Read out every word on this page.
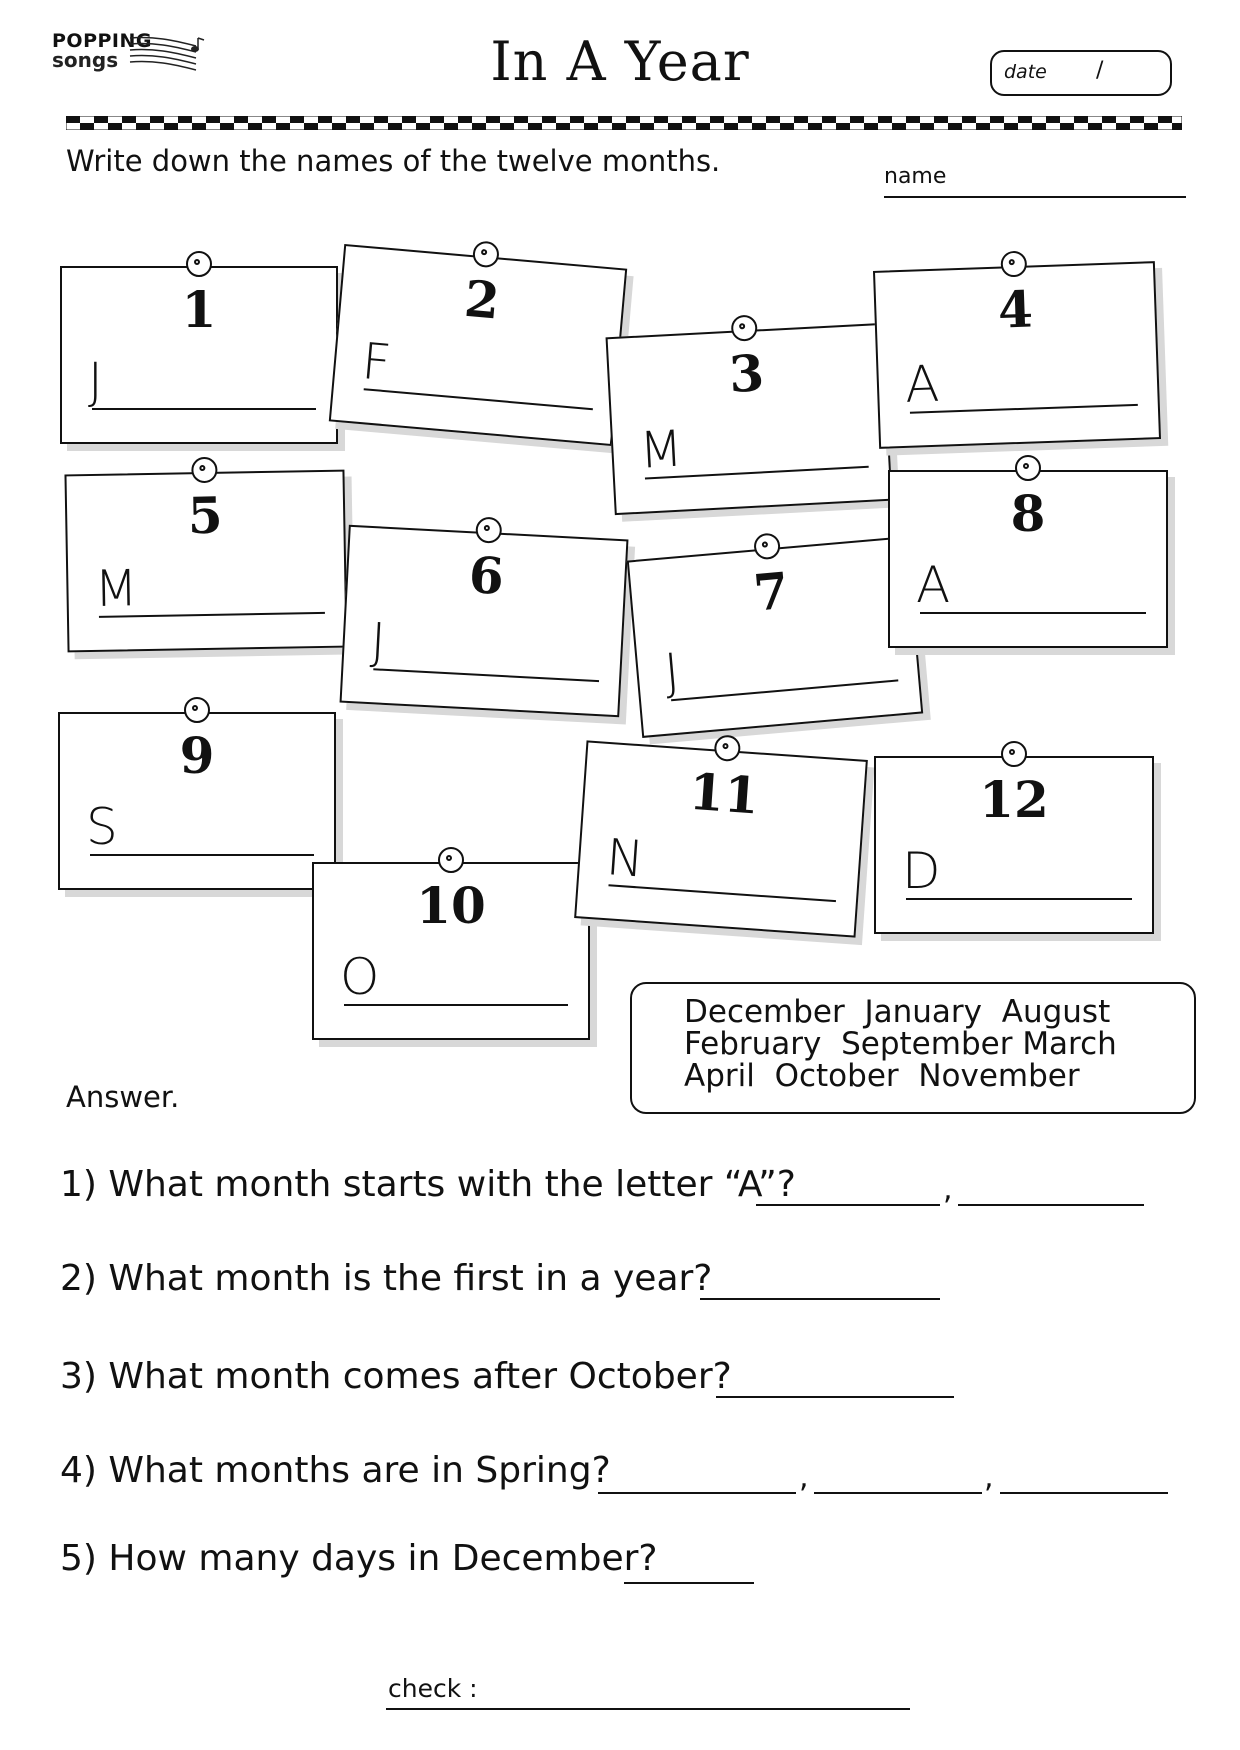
POPPING
songs	In A Year	date /
Write down the names of the twelve months.	name
1
J
2
F	3
M
4
A
5
M	6
J
7
J
8
A
9
S
10
O
11
N
12
D
December January August
February September March
April October November
Answer.
1) What month starts with the letter “A”?	,
2) What month is the first in a year?
3) What month comes after October?
4) What months are in Spring?	,	,
5) How many days in December?
check :
